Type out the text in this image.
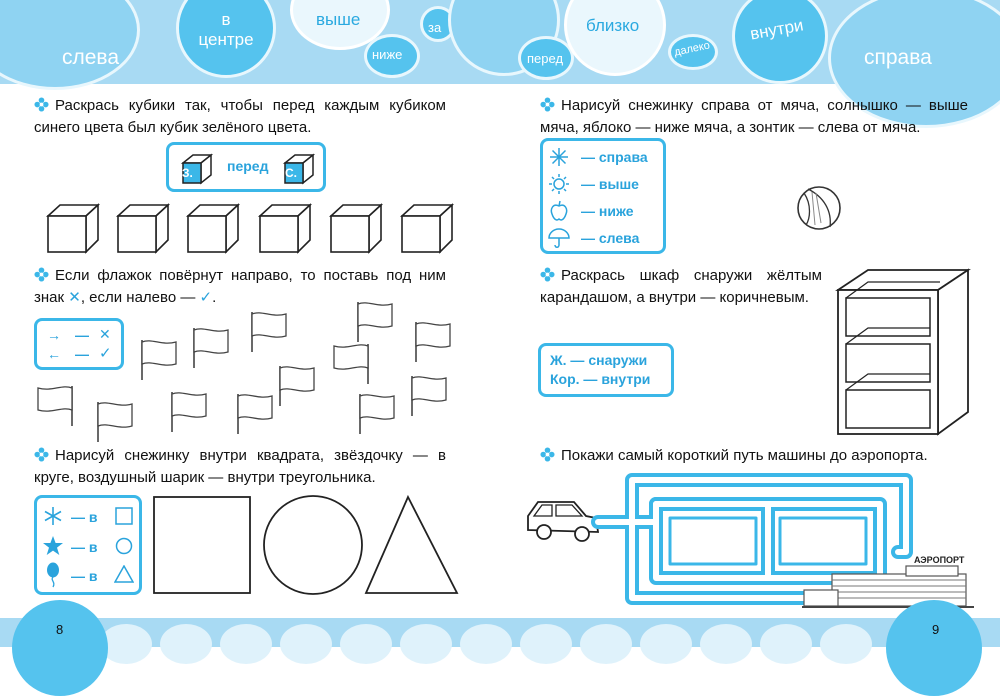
слева
в центре
выше
ниже
за
перед
близко
далеко
внутри
справа
Раскрась кубики так, чтобы перед каждым кубиком синего цвета был кубик зелёного цвета.
З. перед С.
Если флажок повёрнут направо, то поставь под ним знак ✕, если налево — ✓.
→ — ✕
← — ✓
Нарисуй снежинку внутри квадрата, звёздочку — в круге, воздушный шарик — внутри треугольника.
— в
— в
— в
Нарисуй снежинку справа от мяча, солнышко — выше мяча, яблоко — ниже мяча, а зонтик — слева от мяча.
— справа
— выше
— ниже
— слева
Раскрась шкаф снаружи жёлтым карандашом, а внутри — коричневым.
Ж. — снаружи
Кор. — внутри
Покажи самый короткий путь машины до аэропорта.
АЭРОПОРТ
8	9
